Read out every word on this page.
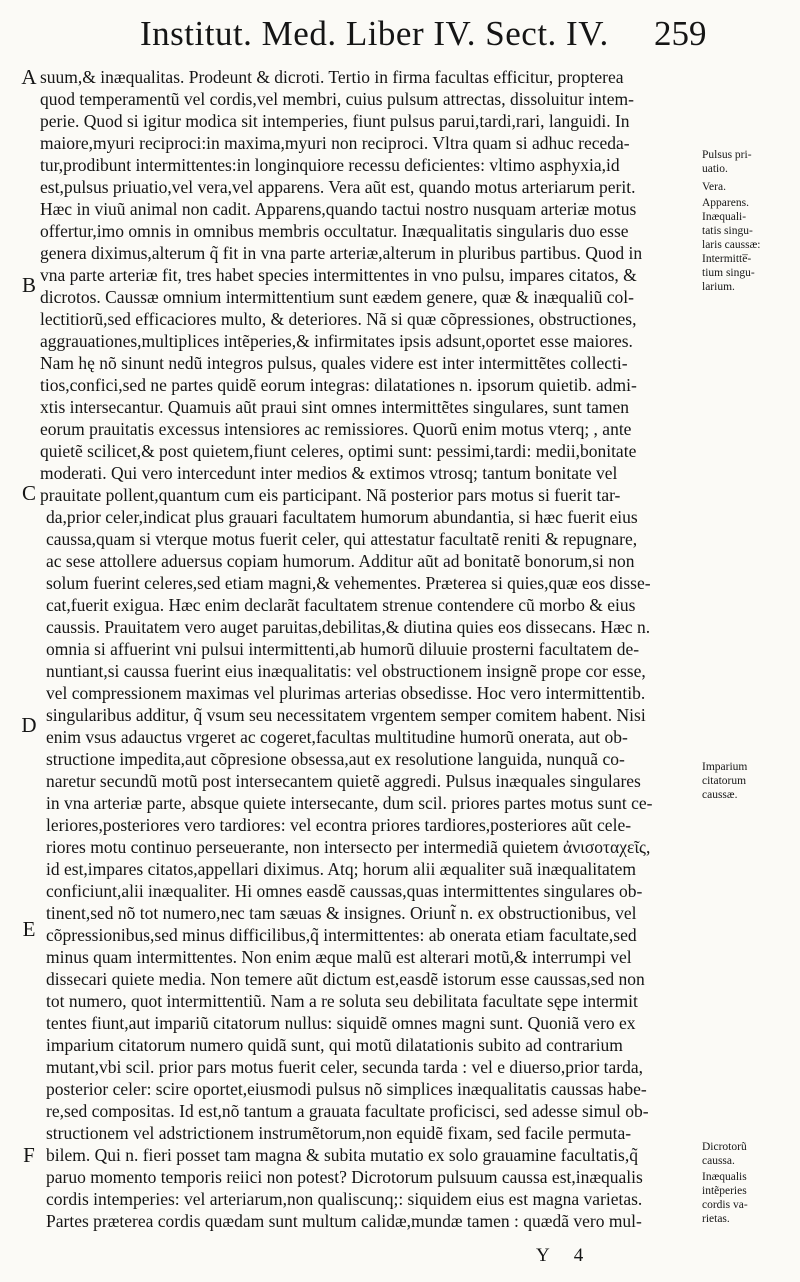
Institut. Med. Liber IV. Sect. IV.	259
A
B
C
D
E
F
suum,& inæqualitas. Prodeunt & dicroti. Tertio in firma facultas efficitur, propterea
quod temperamentũ vel cordis,vel membri, cuius pulsum attrectas, dissoluitur intem-
perie. Quod si igitur modica sit intemperies, fiunt pulsus parui,tardi,rari, languidi. In
maiore,myuri reciproci:in maxima,myuri non reciproci. Vltra quam si adhuc receda-
tur,prodibunt intermittentes:in longinquiore recessu deficientes: vltimo asphyxia,id
est,pulsus priuatio,vel vera,vel apparens. Vera aũt est, quando motus arteriarum perit.
Hæc in viuũ animal non cadit. Apparens,quando tactui nostro nusquam arteriæ motus
offertur,imo omnis in omnibus membris occultatur. Inæqualitatis singularis duo esse
genera diximus,alterum q̃ fit in vna parte arteriæ,alterum in pluribus partibus. Quod in
vna parte arteriæ fit, tres habet species intermittentes in vno pulsu, impares citatos, &
dicrotos. Caussæ omnium intermittentium sunt eædem genere, quæ & inæqualiũ col-
lectitiorũ,sed efficaciores multo, & deteriores. Nã si quæ cõpressiones, obstructiones,
aggrauationes,multiplices intẽperies,& infirmitates ipsis adsunt,oportet esse maiores.
Nam hę nõ sinunt nedũ integros pulsus, quales videre est inter intermittẽtes collecti-
tios,confici,sed ne partes quidẽ eorum integras: dilatationes n. ipsorum quietib. admi-
xtis intersecantur. Quamuis aũt praui sint omnes intermittẽtes singulares, sunt tamen
eorum prauitatis excessus intensiores ac remissiores. Quorũ enim motus vterq; , ante
quietẽ scilicet,& post quietem,fiunt celeres, optimi sunt: pessimi,tardi: medii,bonitate
moderati. Qui vero intercedunt inter medios & extimos vtrosq; tantum bonitate vel
prauitate pollent,quantum cum eis participant. Nã posterior pars motus si fuerit tar-
da,prior celer,indicat plus grauari facultatem humorum abundantia, si hæc fuerit eius
caussa,quam si vterque motus fuerit celer, qui attestatur facultatẽ reniti & repugnare,
ac sese attollere aduersus copiam humorum. Additur aũt ad bonitatẽ bonorum,si non
solum fuerint celeres,sed etiam magni,& vehementes. Præterea si quies,quæ eos disse-
cat,fuerit exigua. Hæc enim declarãt facultatem strenue contendere cũ morbo & eius
caussis. Prauitatem vero auget paruitas,debilitas,& diutina quies eos dissecans. Hæc n.
omnia si affuerint vni pulsui intermittenti,ab humorũ diluuie prosterni facultatem de-
nuntiant,si caussa fuerint eius inæqualitatis: vel obstructionem insignẽ prope cor esse,
vel compressionem maximas vel plurimas arterias obsedisse. Hoc vero intermittentib.
singularibus additur, q̃ vsum seu necessitatem vrgentem semper comitem habent. Nisi
enim vsus adauctus vrgeret ac cogeret,facultas multitudine humorũ onerata, aut ob-
structione impedita,aut cõpresione obsessa,aut ex resolutione languida, nunquã co-
naretur secundũ motũ post intersecantem quietẽ aggredi. Pulsus inæquales singulares
in vna arteriæ parte, absque quiete intersecante, dum scil. priores partes motus sunt ce-
leriores,posteriores vero tardiores: vel econtra priores tardiores,posteriores aũt cele-
riores motu continuo perseuerante, non intersecto per intermediã quietem ἀνισοταχεῖς,
id est,impares citatos,appellari diximus. Atq; horum alii æqualiter suã inæqualitatem
conficiunt,alii inæqualiter. Hi omnes easdẽ caussas,quas intermittentes singulares ob-
tinent,sed nõ tot numero,nec tam sæuas & insignes. Oriunt̃ n. ex obstructionibus, vel
cõpressionibus,sed minus difficilibus,q̃ intermittentes: ab onerata etiam facultate,sed
minus quam intermittentes. Non enim æque malũ est alterari motũ,& interrumpi vel
dissecari quiete media. Non temere aũt dictum est,easdẽ istorum esse caussas,sed non
tot numero, quot intermittentiũ. Nam a re soluta seu debilitata facultate sępe intermit
tentes fiunt,aut impariũ citatorum nullus: siquidẽ omnes magni sunt. Quoniã vero ex
imparium citatorum numero quidã sunt, qui motũ dilatationis subito ad contrarium
mutant,vbi scil. prior pars motus fuerit celer, secunda tarda : vel e diuerso,prior tarda,
posterior celer: scire oportet,eiusmodi pulsus nõ simplices inæqualitatis caussas habe-
re,sed compositas. Id est,nõ tantum a grauata facultate proficisci, sed adesse simul ob-
structionem vel adstrictionem instrumẽtorum,non equidẽ fixam, sed facile permuta-
bilem. Qui n. fieri posset tam magna & subita mutatio ex solo grauamine facultatis,q̃
paruo momento temporis reiici non potest? Dicrotorum pulsuum caussa est,inæqualis
cordis intemperies: vel arteriarum,non qualiscunq;: siquidem eius est magna varietas.
Partes præterea cordis quædam sunt multum calidæ,mundæ tamen : quædã vero mul-
Pulsus pri-
uatio.
Vera.
Apparens.
Inæquali-
tatis singu-
laris caussæ:
Intermitte̅-
tium singu-
larium.
Imparium
citatorum
caussæ.
Dicrotorũ
caussa.
Inæqualis
intẽperies
cordis va-
rietas.
Y 4
